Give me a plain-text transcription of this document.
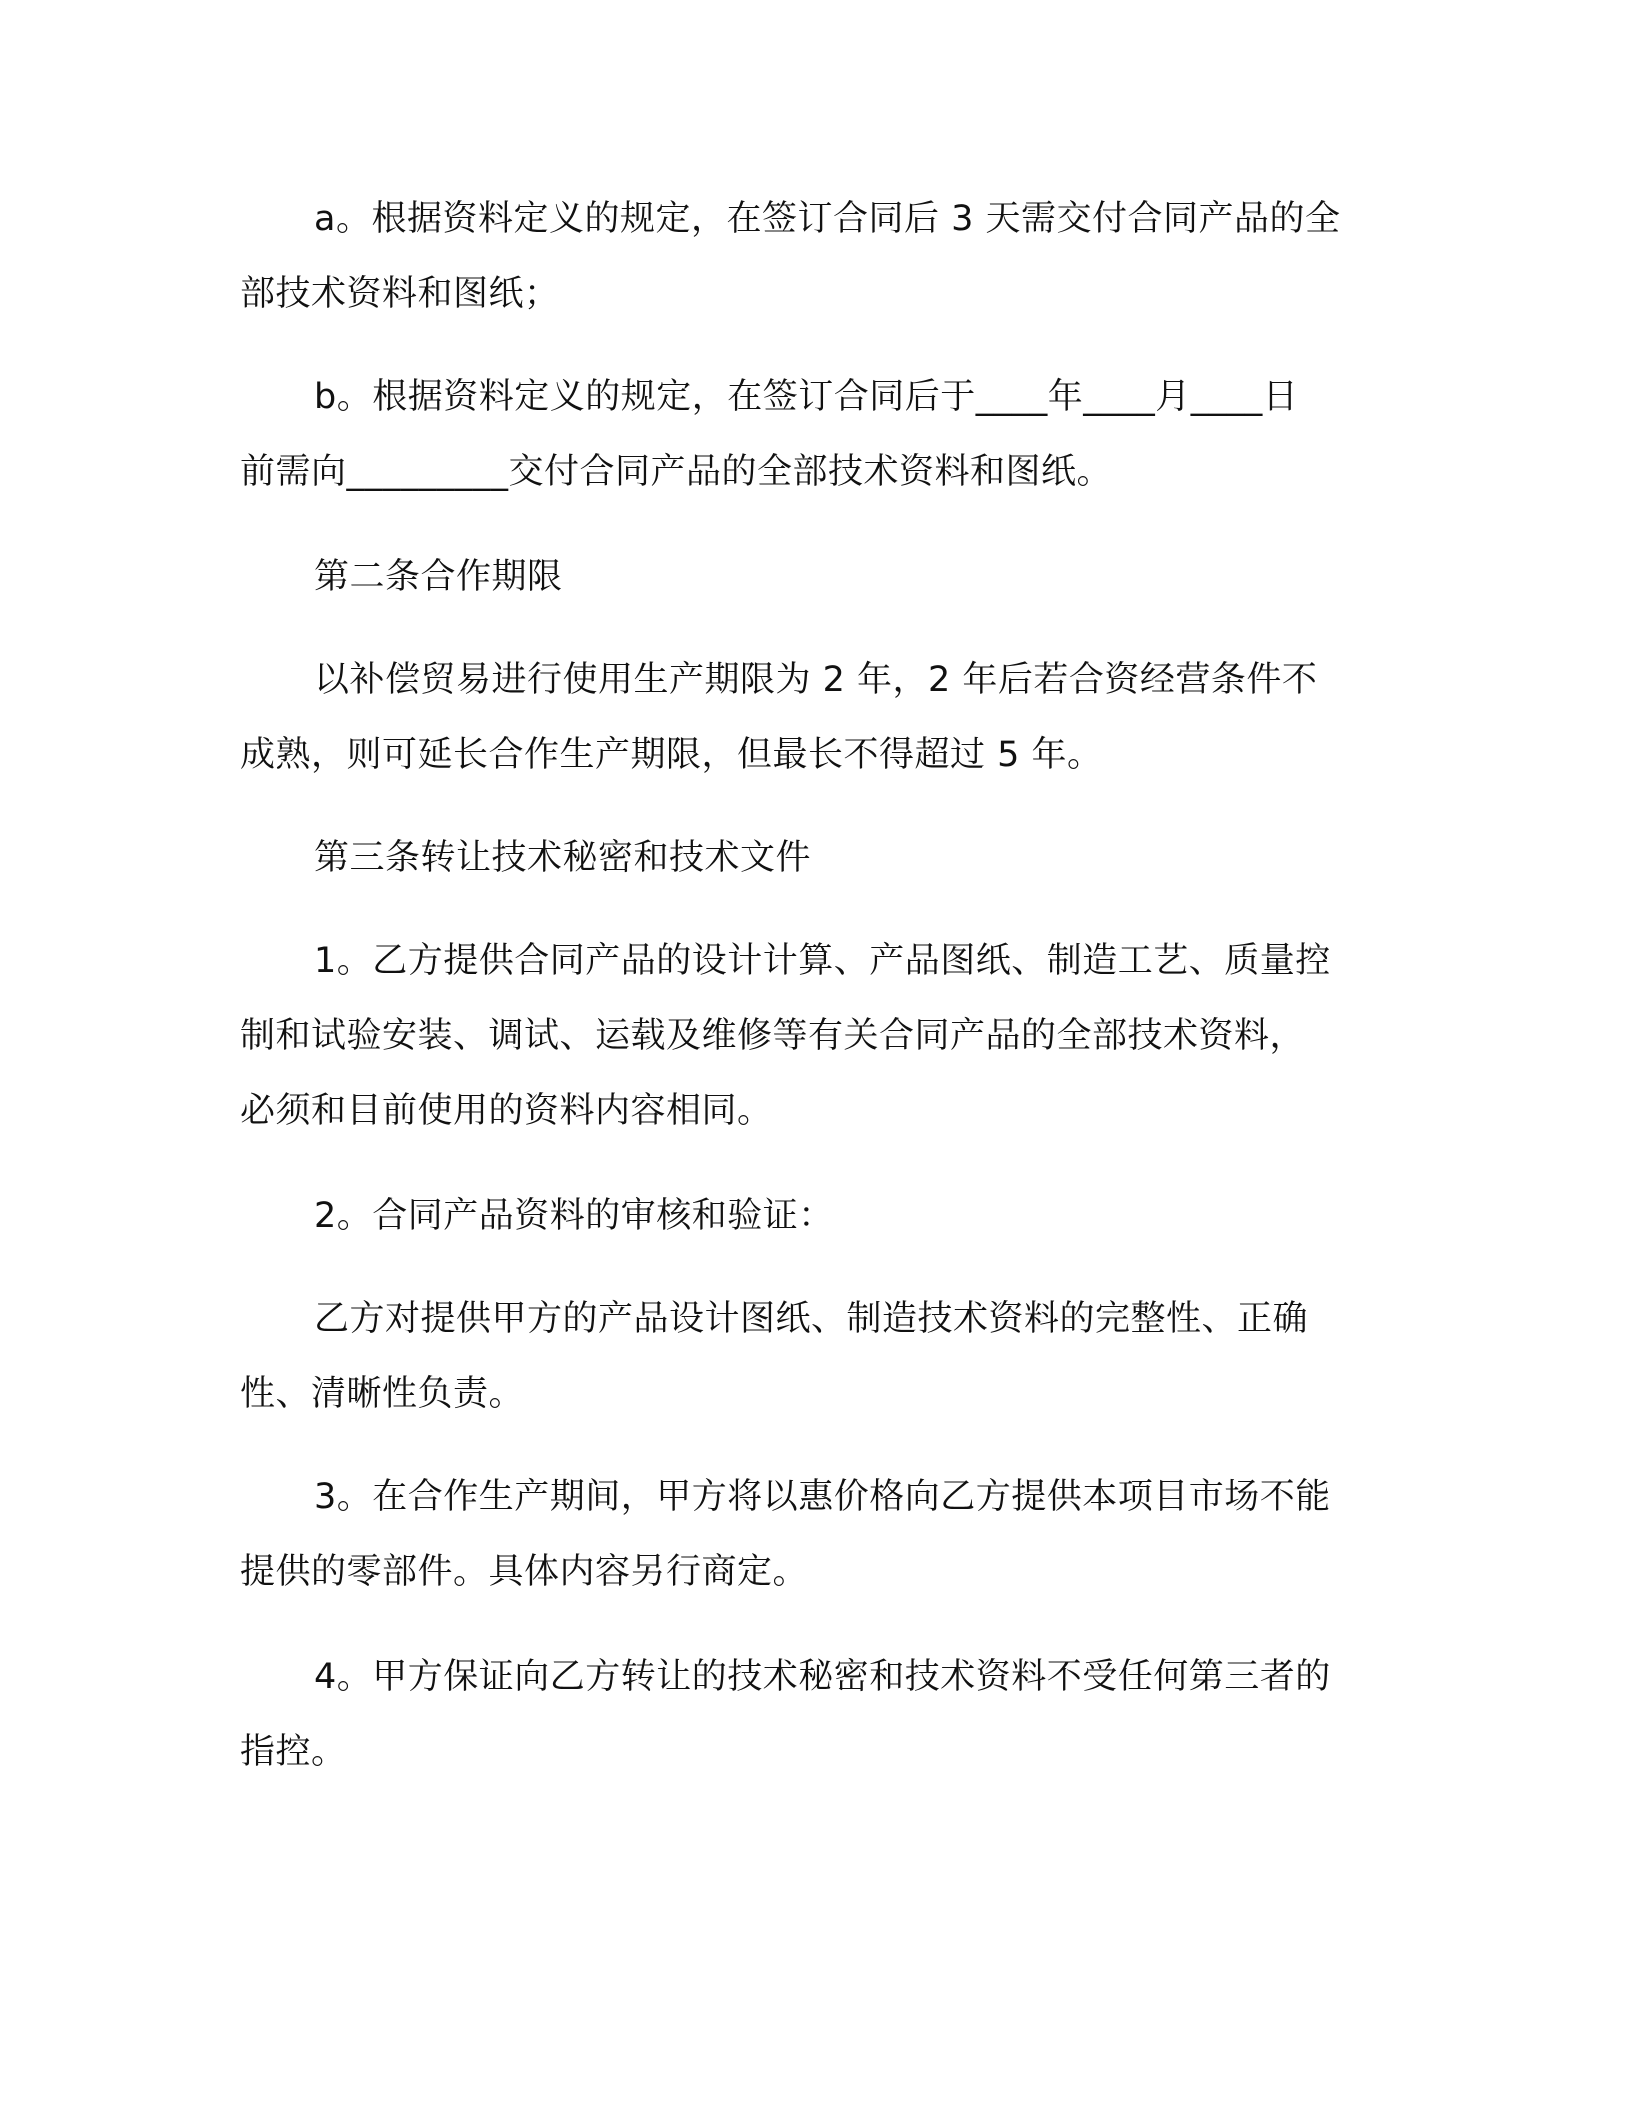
a。根据资料定义的规定，在签订合同后 3 天需交付合同产品的全
部技术资料和图纸；
b。根据资料定义的规定，在签订合同后于____年____月____日
前需向_________交付合同产品的全部技术资料和图纸。
第二条合作期限
以补偿贸易进行使用生产期限为 2 年，2 年后若合资经营条件不
成熟，则可延长合作生产期限，但最长不得超过 5 年。
第三条转让技术秘密和技术文件
1。乙方提供合同产品的设计计算、产品图纸、制造工艺、质量控
制和试验安装、调试、运载及维修等有关合同产品的全部技术资料，
必须和目前使用的资料内容相同。
2。合同产品资料的审核和验证：
乙方对提供甲方的产品设计图纸、制造技术资料的完整性、正确
性、清晰性负责。
3。在合作生产期间，甲方将以惠价格向乙方提供本项目市场不能
提供的零部件。具体内容另行商定。
4。甲方保证向乙方转让的技术秘密和技术资料不受任何第三者的
指控。
